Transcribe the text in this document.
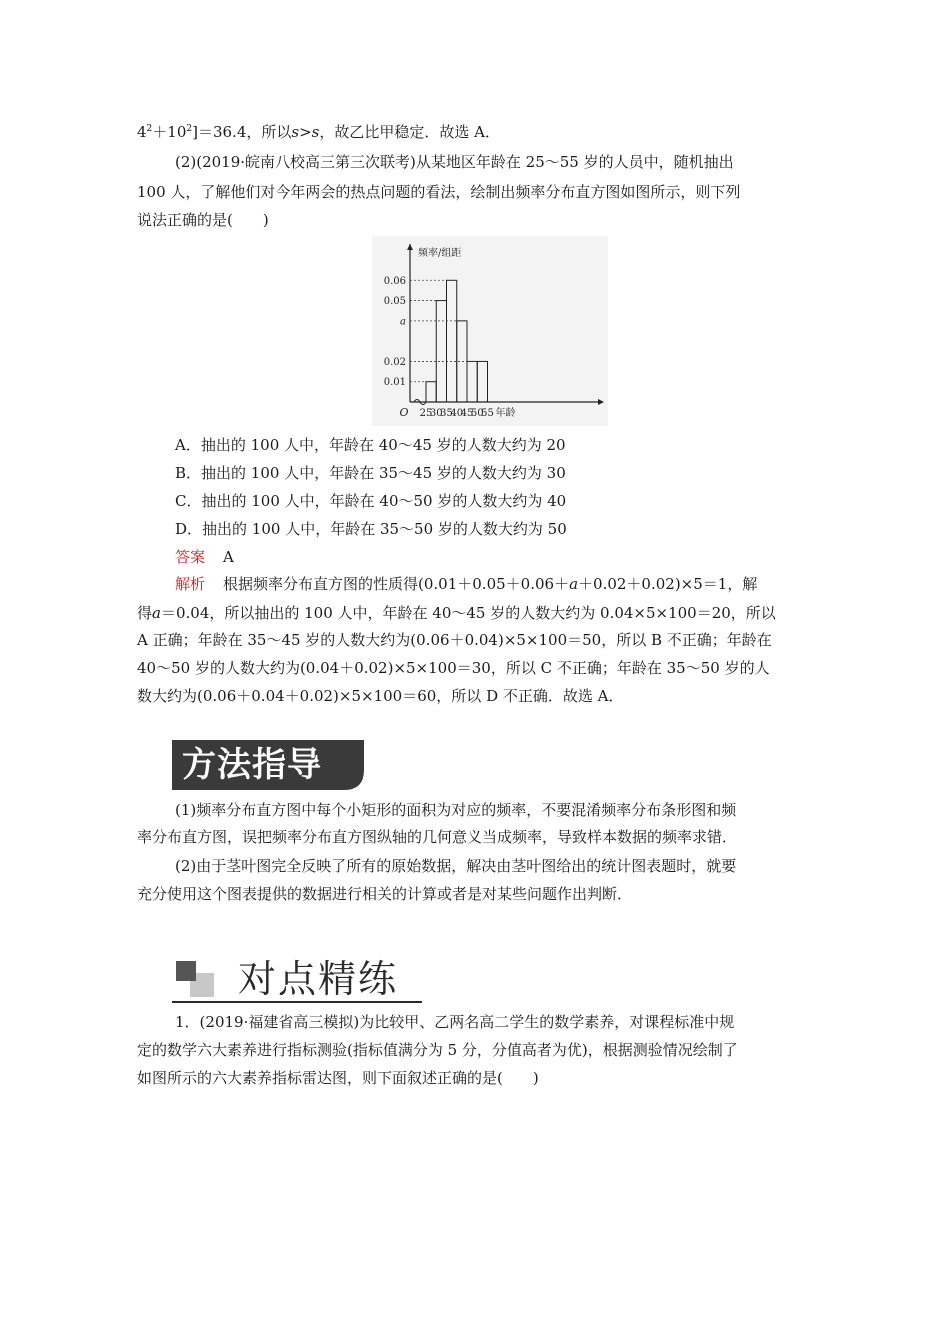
$4^2+10^2]=36.4$，所以s>s，故乙比甲稳定．故选 A．
(2)(2019·皖南八校高三第三次联考)从某地区年龄在 25～55 岁的人员中，随机抽出
100 人，了解他们对今年两会的热点问题的看法，绘制出频率分布直方图如图所示，则下列
说法正确的是(　　)
频率/组距
0.06
0.05
a
0.02
0.01
25
30
35
40
45
50
55
O	年龄
A．抽出的 100 人中，年龄在 40～45 岁的人数大约为 20
B．抽出的 100 人中，年龄在 35～45 岁的人数大约为 30
C．抽出的 100 人中，年龄在 40～50 岁的人数大约为 40
D．抽出的 100 人中，年龄在 35～50 岁的人数大约为 50
答案 A
解析 根据频率分布直方图的性质得(0.01＋0.05＋0.06＋a＋0.02＋0.02)×5＝1，解
得a＝0.04，所以抽出的 100 人中，年龄在 40～45 岁的人数大约为 0.04×5×100＝20，所以
A 正确；年龄在 35～45 岁的人数大约为(0.06＋0.04)×5×100＝50，所以 B 不正确；年龄在
40～50 岁的人数大约为(0.04＋0.02)×5×100＝30，所以 C 不正确；年龄在 35～50 岁的人
数大约为(0.06＋0.04＋0.02)×5×100＝60，所以 D 不正确．故选 A．
方法指导
(1)频率分布直方图中每个小矩形的面积为对应的频率，不要混淆频率分布条形图和频
率分布直方图，误把频率分布直方图纵轴的几何意义当成频率，导致样本数据的频率求错．
(2)由于茎叶图完全反映了所有的原始数据，解决由茎叶图给出的统计图表题时，就要
充分使用这个图表提供的数据进行相关的计算或者是对某些问题作出判断．
对点精练
1．(2019·福建省高三模拟)为比较甲、乙两名高二学生的数学素养，对课程标准中规
定的数学六大素养进行指标测验(指标值满分为 5 分，分值高者为优)，根据测验情况绘制了
如图所示的六大素养指标雷达图，则下面叙述正确的是(　　)
